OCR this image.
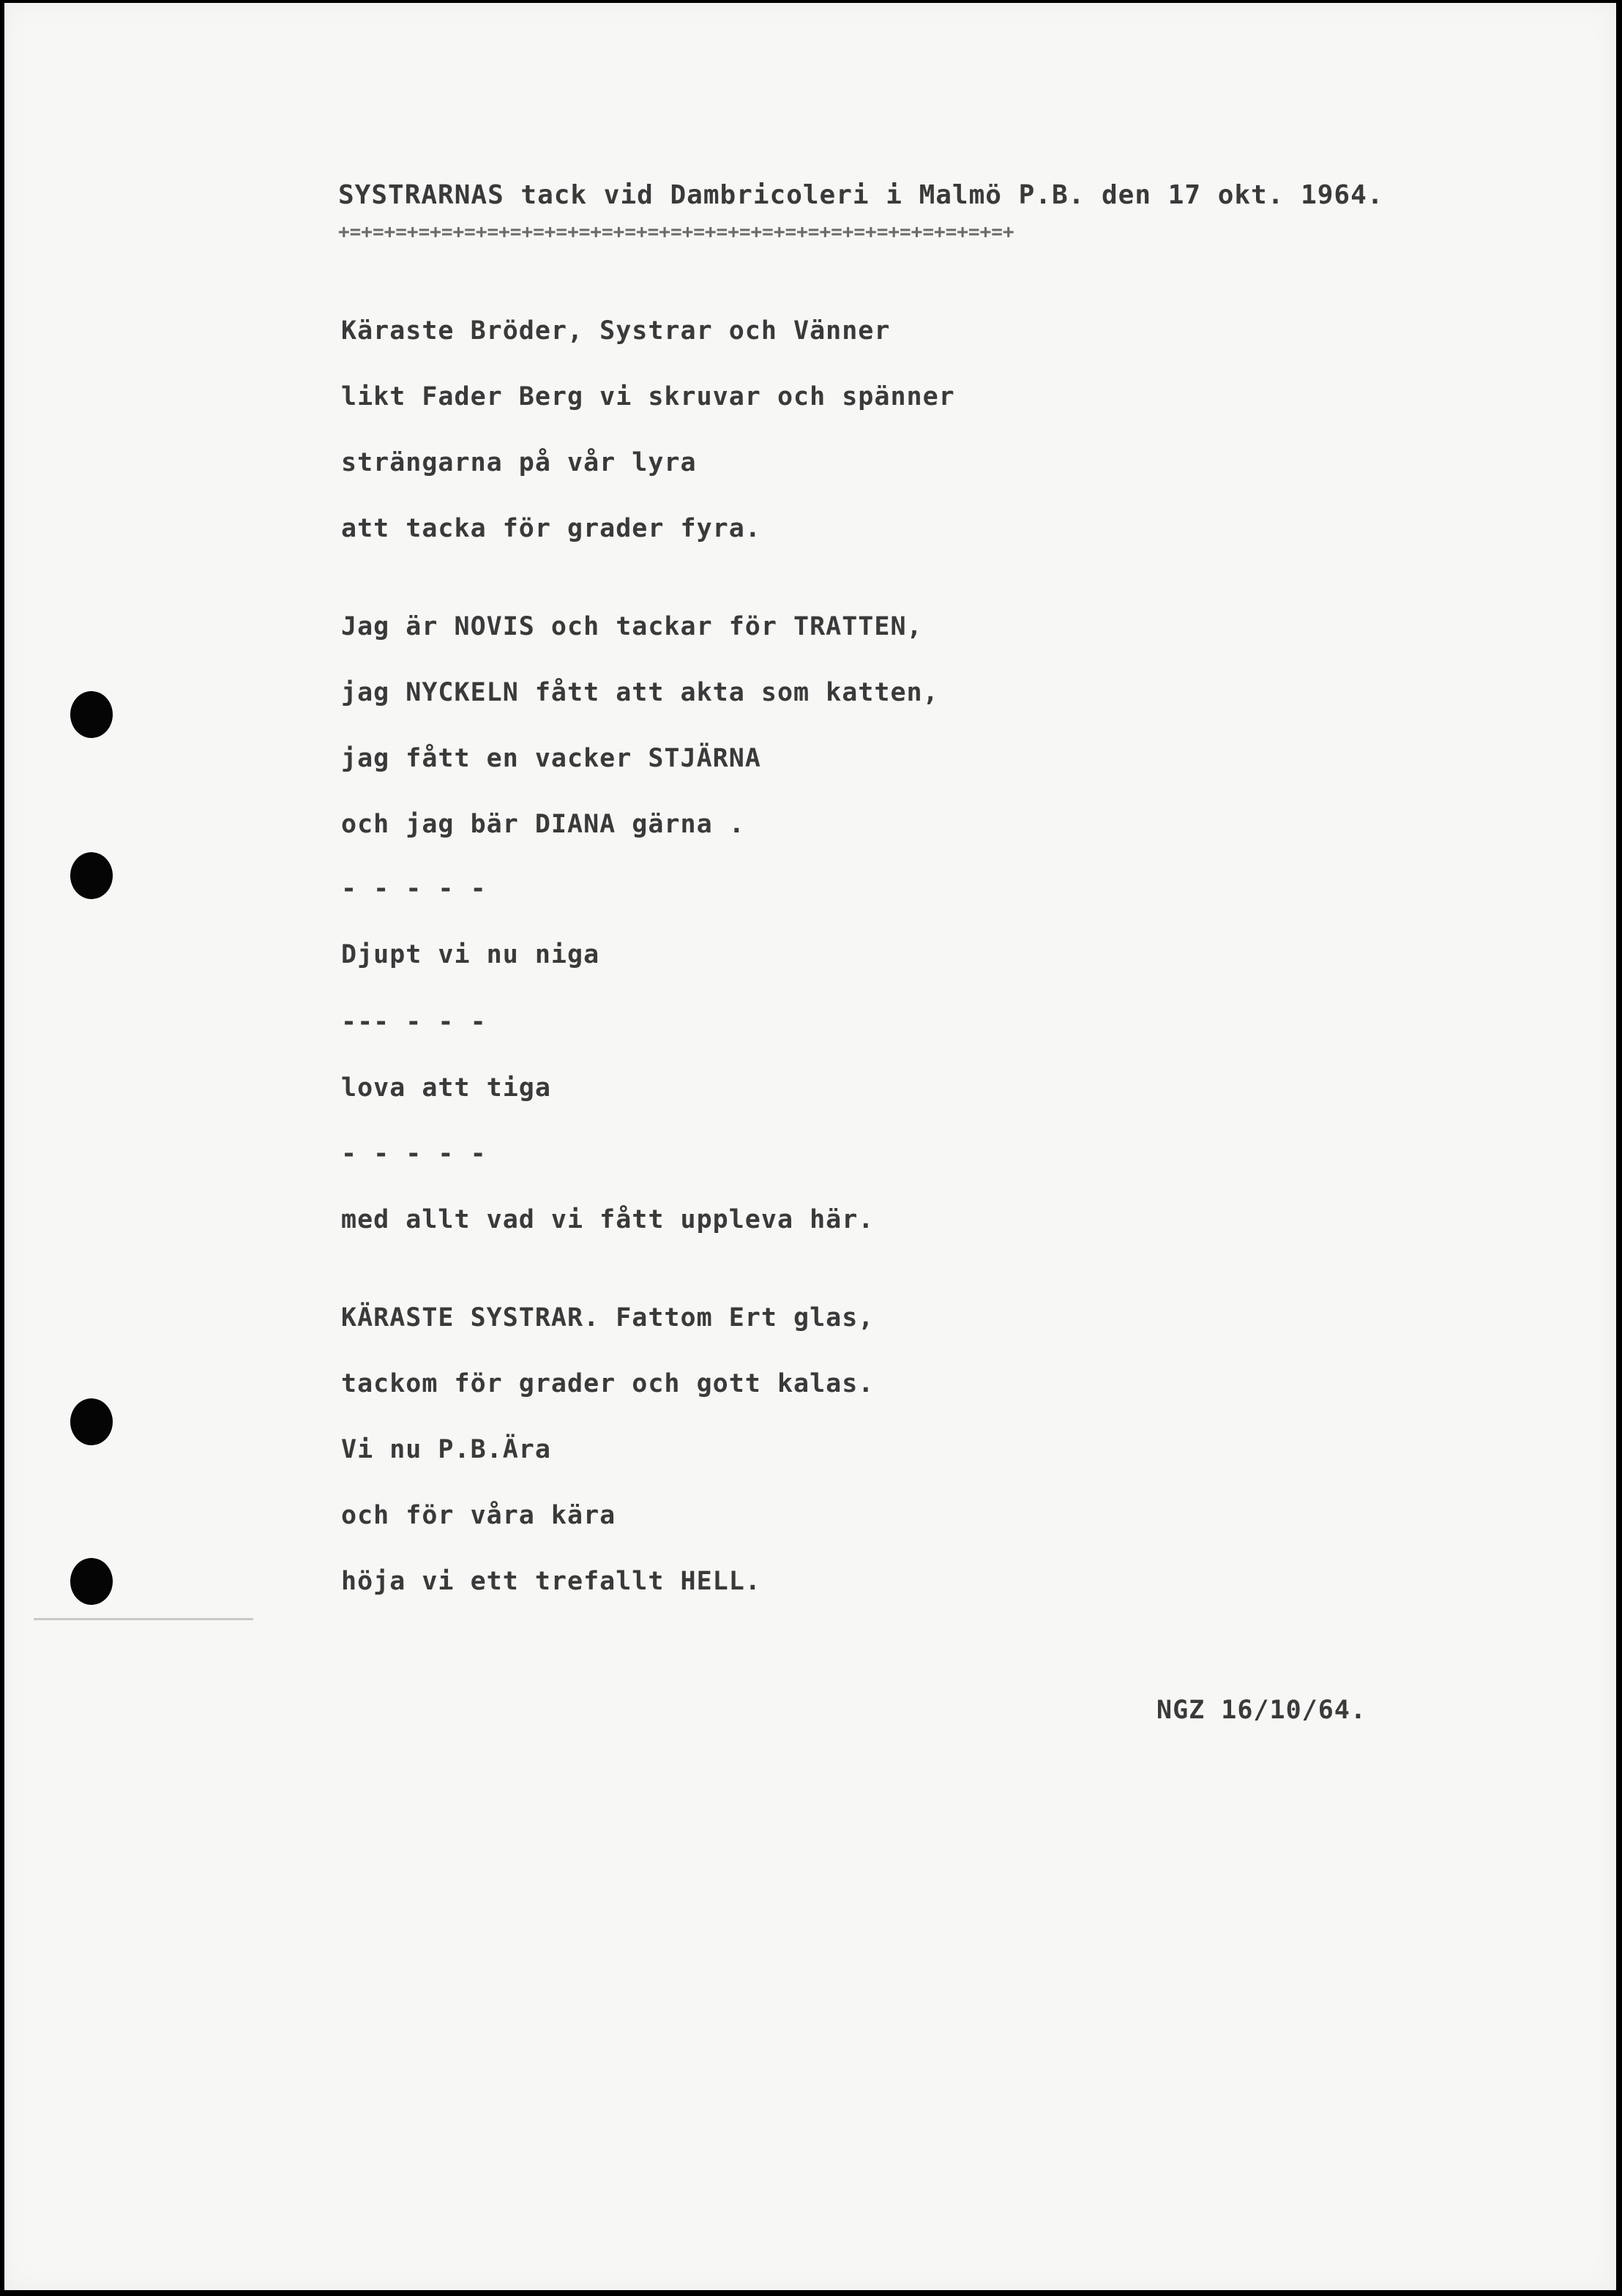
SYSTRARNAS tack vid Dambricoleri i Malmö P.B. den 17 okt. 1964.
+=+=+=+=+=+=+=+=+=+=+=+=+=+=+=+=+=+=+=+=+=+=+=+=+=+=+=+=+=+
Käraste Bröder, Systrar och Vänner
likt Fader Berg vi skruvar och spänner
strängarna på vår lyra
att tacka för grader fyra.
Jag är NOVIS och tackar för TRATTEN,
jag NYCKELN fått att akta som katten,
jag fått en vacker STJÄRNA
och jag bär DIANA gärna .
- - - - -
Djupt vi nu niga
--- - - -
lova att tiga
- - - - -
med allt vad vi fått uppleva här.
KÄRASTE SYSTRAR. Fattom Ert glas,
tackom för grader och gott kalas.
Vi nu P.B.Ära
och för våra kära
höja vi ett trefallt HELL.
NGZ 16/10/64.
